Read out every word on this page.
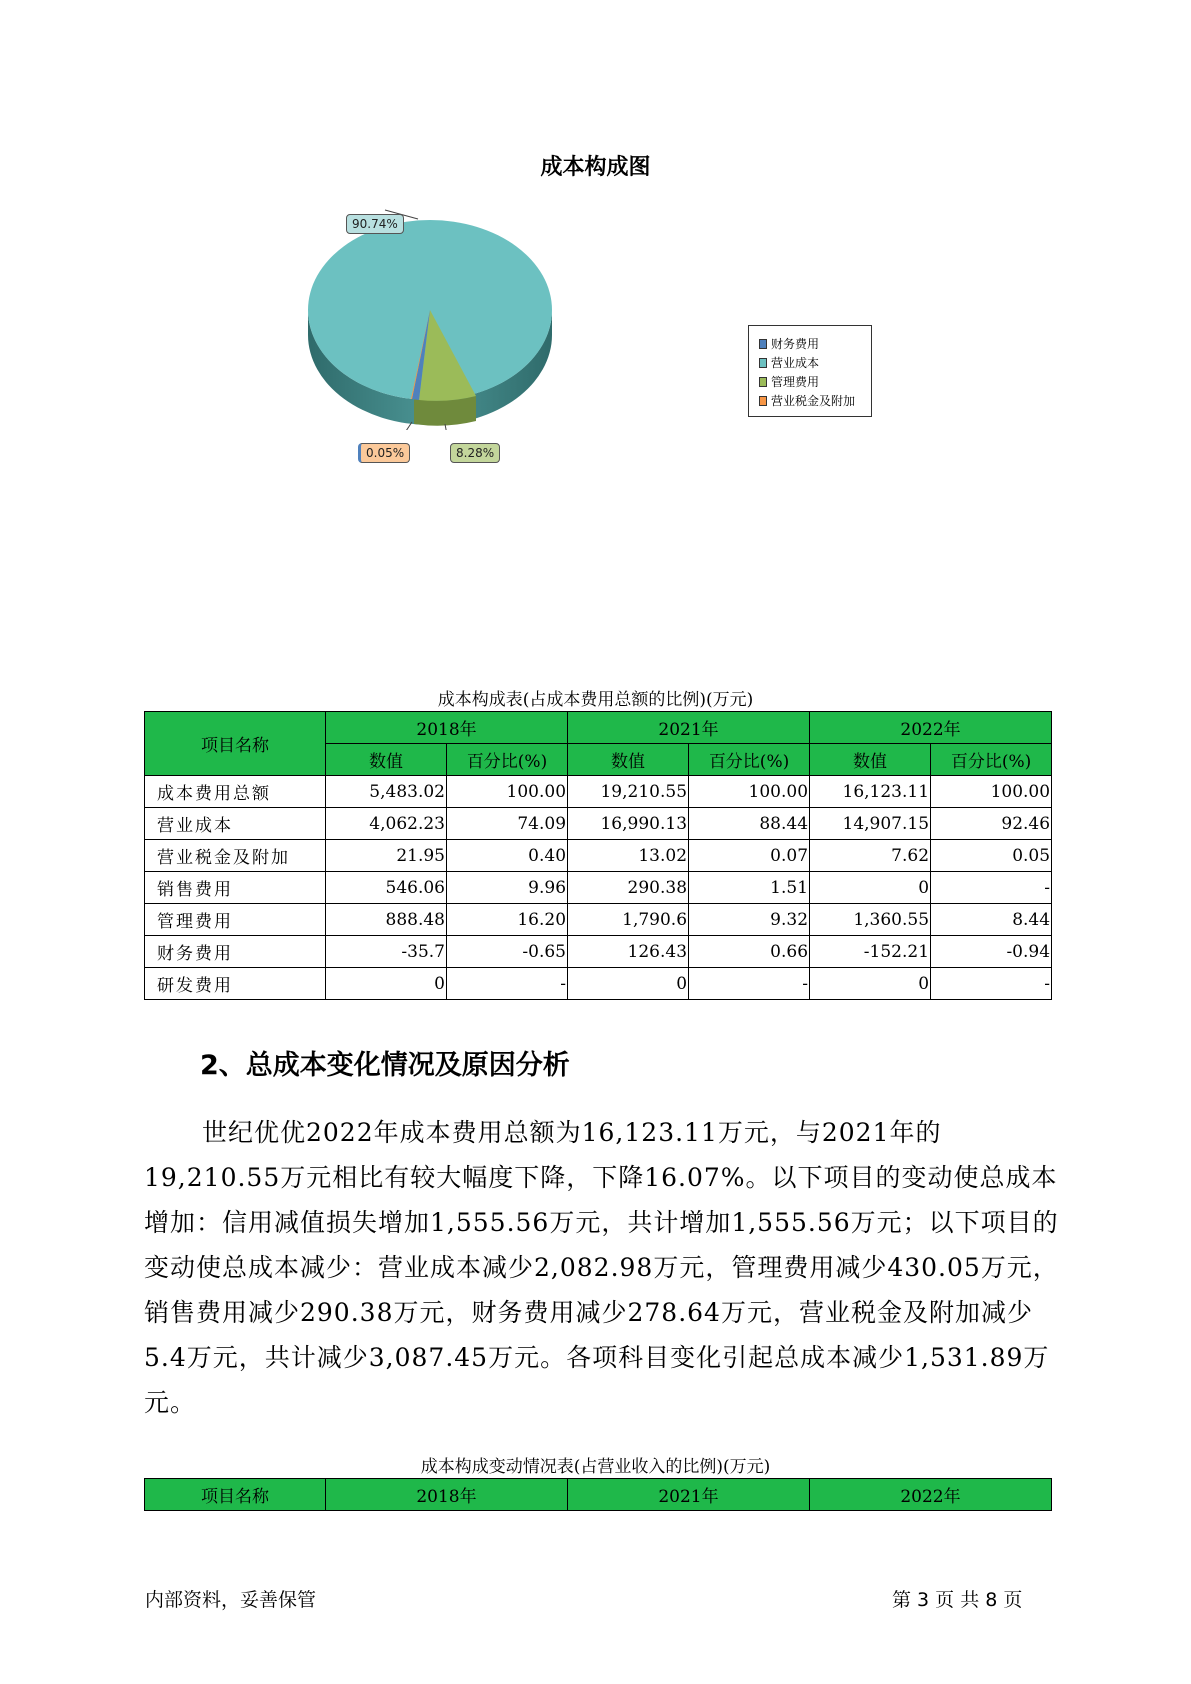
成本构成图
90.74%
0.05%	8.28%
财务费用
营业成本
管理费用
营业税金及附加
成本构成表(占成本费用总额的比例)(万元)
项目名称	2018年		2021年		2022年	
	数值	百分比(%)	数值	百分比(%)	数值	百分比(%)
成本费用总额	5,483.02	100.00	19,210.55	100.00	16,123.11	100.00
营业成本	4,062.23	74.09	16,990.13	88.44	14,907.15	92.46
营业税金及附加	21.95	0.40	13.02	0.07	7.62	0.05
销售费用	546.06	9.96	290.38	1.51	0	-
管理费用	888.48	16.20	1,790.6	9.32	1,360.55	8.44
财务费用	-35.7	-0.65	126.43	0.66	-152.21	-0.94
研发费用	0	-	0	-	0	-
2、总成本变化情况及原因分析
世纪优优2022年成本费用总额为16,123.11万元，与2021年的19,210.55万元相比有较大幅度下降，下降16.07%。以下项目的变动使总成本增加：信用减值损失增加1,555.56万元，共计增加1,555.56万元；以下项目的变动使总成本减少：营业成本减少2,082.98万元，管理费用减少430.05万元，销售费用减少290.38万元，财务费用减少278.64万元，营业税金及附加减少5.4万元，共计减少3,087.45万元。各项科目变化引起总成本减少1,531.89万元。
成本构成变动情况表(占营业收入的比例)(万元)
项目名称	2018年	2021年	2022年
内部资料，妥善保管	第 3 页 共 8 页
